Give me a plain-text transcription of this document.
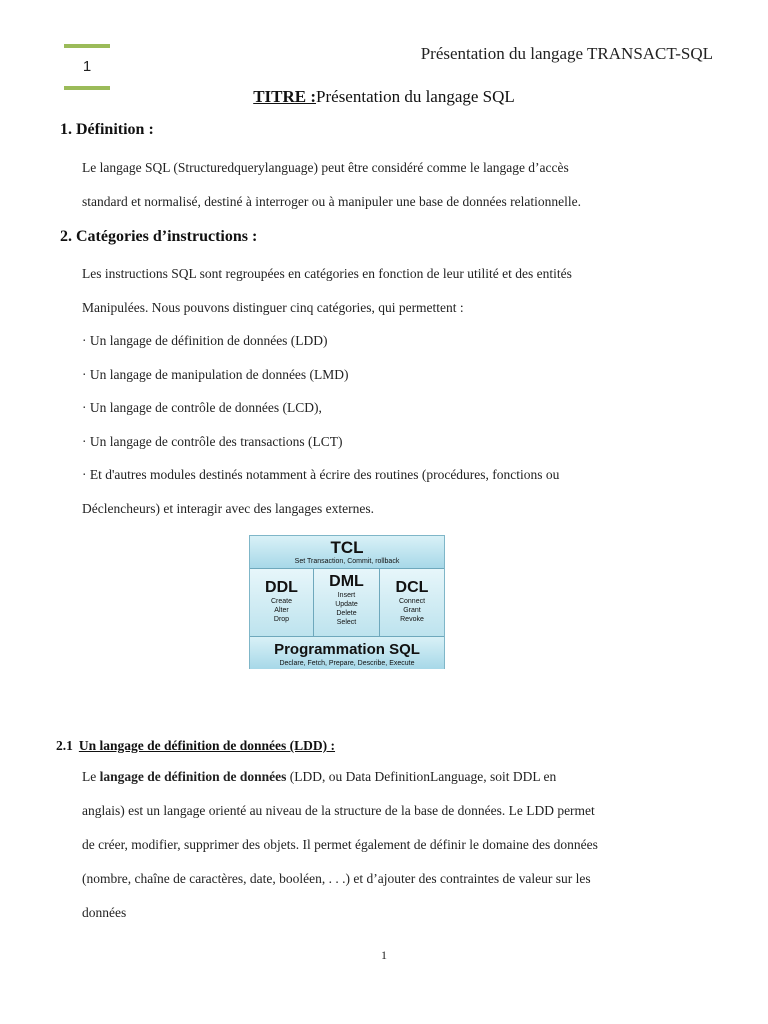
1
Présentation du langage TRANSACT-SQL
TITRE :Présentation du langage SQL
1. Définition :
Le langage SQL (Structuredquerylanguage) peut être considéré comme le langage d’accès
standard et normalisé, destiné à interroger ou à manipuler une base de données relationnelle.
2. Catégories d’instructions :
Les instructions SQL sont regroupées en catégories en fonction de leur utilité et des entités
Manipulées. Nous pouvons distinguer cinq catégories, qui permettent :
· Un langage de définition de données (LDD)
· Un langage de manipulation de données (LMD)
· Un langage de contrôle de données (LCD),
· Un langage de contrôle des transactions (LCT)
· Et d'autres modules destinés notamment à écrire des routines (procédures, fonctions ou
Déclencheurs) et interagir avec des langages externes.
TCL
Set Transaction, Commit, rollback
DDL
Create
Alter
Drop
DML
Insert
Update
Delete
Select
DCL
Connect
Grant
Revoke
Programmation SQL
Declare, Fetch, Prepare, Describe, Execute
2.1 Un langage de définition de données (LDD) :
Le langage de définition de données (LDD, ou Data DefinitionLanguage, soit DDL en
anglais) est un langage orienté au niveau de la structure de la base de données. Le LDD permet
de créer, modifier, supprimer des objets. Il permet également de définir le domaine des données
(nombre, chaîne de caractères, date, booléen, . . .) et d’ajouter des contraintes de valeur sur les
données
1
